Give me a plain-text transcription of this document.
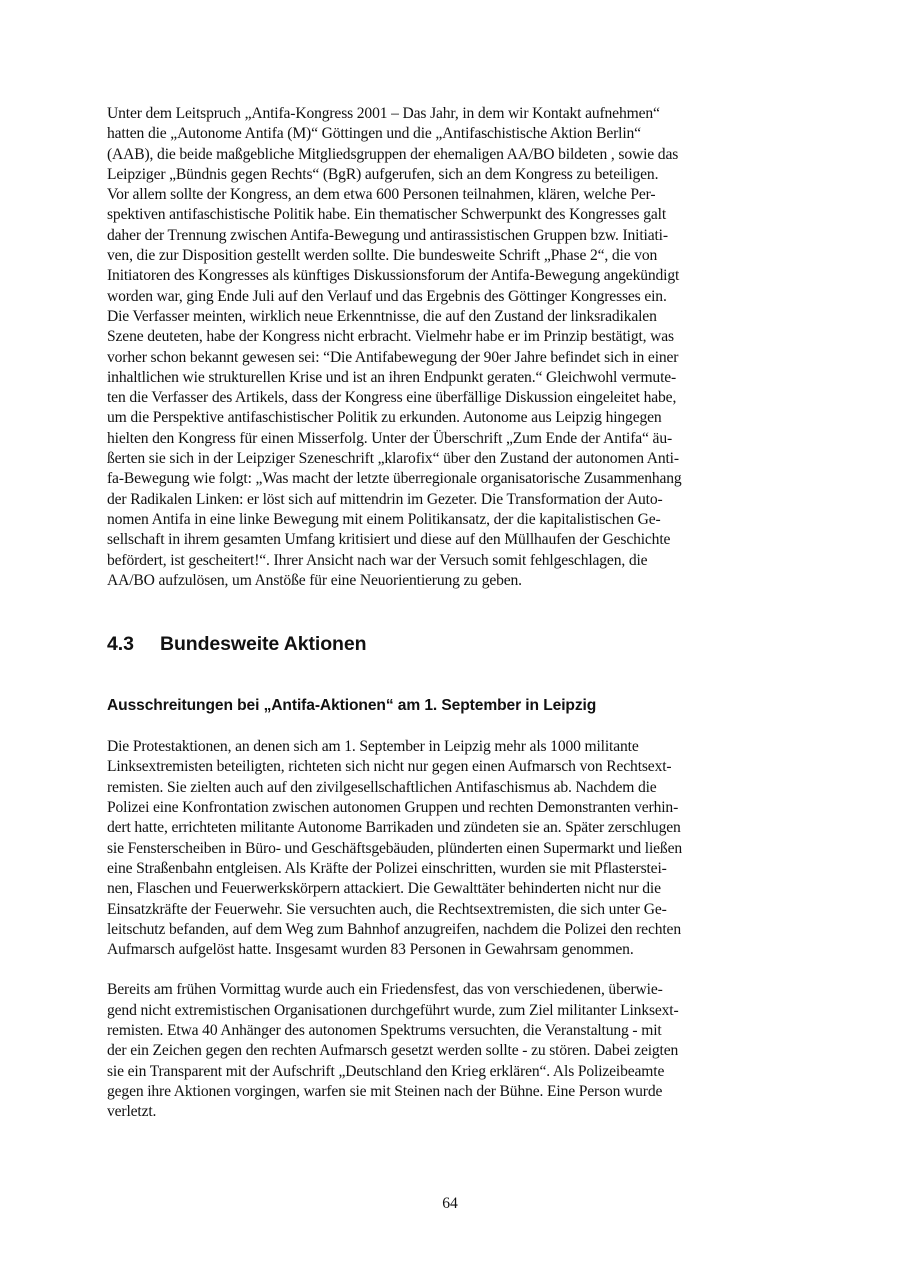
Unter dem Leitspruch „Antifa-Kongress 2001 – Das Jahr, in dem wir Kontakt aufnehmen“
hatten die „Autonome Antifa (M)“ Göttingen und die „Antifaschistische Aktion Berlin“
(AAB), die beide maßgebliche Mitgliedsgruppen der ehemaligen AA/BO bildeten , sowie das
Leipziger „Bündnis gegen Rechts“ (BgR) aufgerufen, sich an dem Kongress zu beteiligen.
Vor allem sollte der Kongress, an dem etwa 600 Personen teilnahmen, klären, welche Per-
spektiven antifaschistische Politik habe. Ein thematischer Schwerpunkt des Kongresses galt
daher der Trennung zwischen Antifa-Bewegung und antirassistischen Gruppen bzw. Initiati-
ven, die zur Disposition gestellt werden sollte. Die bundesweite Schrift „Phase 2“, die von
Initiatoren des Kongresses als künftiges Diskussionsforum der Antifa-Bewegung angekündigt
worden war, ging Ende Juli auf den Verlauf und das Ergebnis des Göttinger Kongresses ein.
Die Verfasser meinten, wirklich neue Erkenntnisse, die auf den Zustand der linksradikalen
Szene deuteten, habe der Kongress nicht erbracht. Vielmehr habe er im Prinzip bestätigt, was
vorher schon bekannt gewesen sei: “Die Antifabewegung der 90er Jahre befindet sich in einer
inhaltlichen wie strukturellen Krise und ist an ihren Endpunkt geraten.“ Gleichwohl vermute-
ten die Verfasser des Artikels, dass der Kongress eine überfällige Diskussion eingeleitet habe,
um die Perspektive antifaschistischer Politik zu erkunden. Autonome aus Leipzig hingegen
hielten den Kongress für einen Misserfolg. Unter der Überschrift „Zum Ende der Antifa“ äu-
ßerten sie sich in der Leipziger Szeneschrift „klarofix“ über den Zustand der autonomen Anti-
fa-Bewegung wie folgt: „Was macht der letzte überregionale organisatorische Zusammenhang
der Radikalen Linken: er löst sich auf mittendrin im Gezeter. Die Transformation der Auto-
nomen Antifa in eine linke Bewegung mit einem Politikansatz, der die kapitalistischen Ge-
sellschaft in ihrem gesamten Umfang kritisiert und diese auf den Müllhaufen der Geschichte
befördert, ist gescheitert!“. Ihrer Ansicht nach war der Versuch somit fehlgeschlagen, die
AA/BO aufzulösen, um Anstöße für eine Neuorientierung zu geben.

4.3	Bundesweite Aktionen
Ausschreitungen bei „Antifa-Aktionen“ am 1. September in Leipzig

Die Protestaktionen, an denen sich am 1. September in Leipzig mehr als 1000 militante
Linksextremisten beteiligten, richteten sich nicht nur gegen einen Aufmarsch von Rechtsext-
remisten. Sie zielten auch auf den zivilgesellschaftlichen Antifaschismus ab. Nachdem die
Polizei eine Konfrontation zwischen autonomen Gruppen und rechten Demonstranten verhin-
dert hatte, errichteten militante Autonome Barrikaden und zündeten sie an. Später zerschlugen
sie Fensterscheiben in Büro- und Geschäftsgebäuden, plünderten einen Supermarkt und ließen
eine Straßenbahn entgleisen. Als Kräfte der Polizei einschritten, wurden sie mit Pflasterstei-
nen, Flaschen und Feuerwerkskörpern attackiert. Die Gewalttäter behinderten nicht nur die
Einsatzkräfte der Feuerwehr. Sie versuchten auch, die Rechtsextremisten, die sich unter Ge-
leitschutz befanden, auf dem Weg zum Bahnhof anzugreifen, nachdem die Polizei den rechten
Aufmarsch aufgelöst hatte. Insgesamt wurden 83 Personen in Gewahrsam genommen.

Bereits am frühen Vormittag wurde auch ein Friedensfest, das von verschiedenen, überwie-
gend nicht extremistischen Organisationen durchgeführt wurde, zum Ziel militanter Linksext-
remisten. Etwa 40 Anhänger des autonomen Spektrums versuchten, die Veranstaltung - mit
der ein Zeichen gegen den rechten Aufmarsch gesetzt werden sollte - zu stören. Dabei zeigten
sie ein Transparent mit der Aufschrift „Deutschland den Krieg erklären“. Als Polizeibeamte
gegen ihre Aktionen vorgingen, warfen sie mit Steinen nach der Bühne. Eine Person wurde
verletzt.

64
